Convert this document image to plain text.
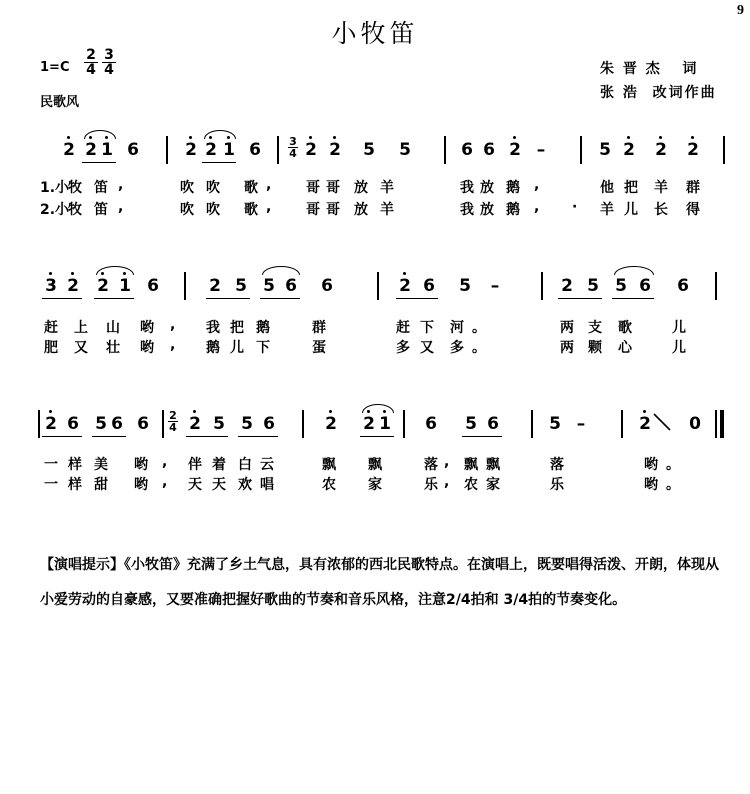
9
小牧笛
$1=C \frac{2}{4} \frac{3}{4}$
民歌风
朱 晋 杰   词
张 浩  改词作曲
2 2 1 6	2 2 1 $6 \frac{3}{4} 2$ 2 5 5	6 6 2 –	5 2 2 2

1.小

牧

笛

,

	吹

吹

歌

,

哥

哥

放

羊

	我

放

鹅

,

	他

把

羊

群

2.小

牧

笛

,

	吹

吹

歌

,

哥

哥

放

羊

	我

放

鹅

,

·

羊

儿

长

得

3 2 2 1 6	2 5 5 6 6	2 6 5 –	2 5 5 6 6

赶

上

山

哟

,

我

把

鹅

	群

	赶

下

河

。

	两

支

歌

	儿

肥

又

壮

哟

,

鹅

儿

下

	蛋

	多

又

多

。

	两

颗

心

	儿

2 6 5 6 $6 \frac{2}{4} 2$ 5 5 6	2 2 1 6 5 6	5 –	2 0

一

样

美

哟

,

伴

着

白

云

	飘

飘

	落

,

飘

飘

	落

	哟

。

一

样

甜

哟

,

天

天

欢

唱

	农

家

	乐

,

农

家

	乐

	哟

。

【演唱提示】《小牧笛》充满了乡土气息，具有浓郁的西北民歌特点。在演唱上，既要唱得活泼、开朗，体现从小爱劳动的自豪感，又要准确把握好歌曲的节奏和音乐风格，注意2/4拍和 3/4拍的节奏变化。
